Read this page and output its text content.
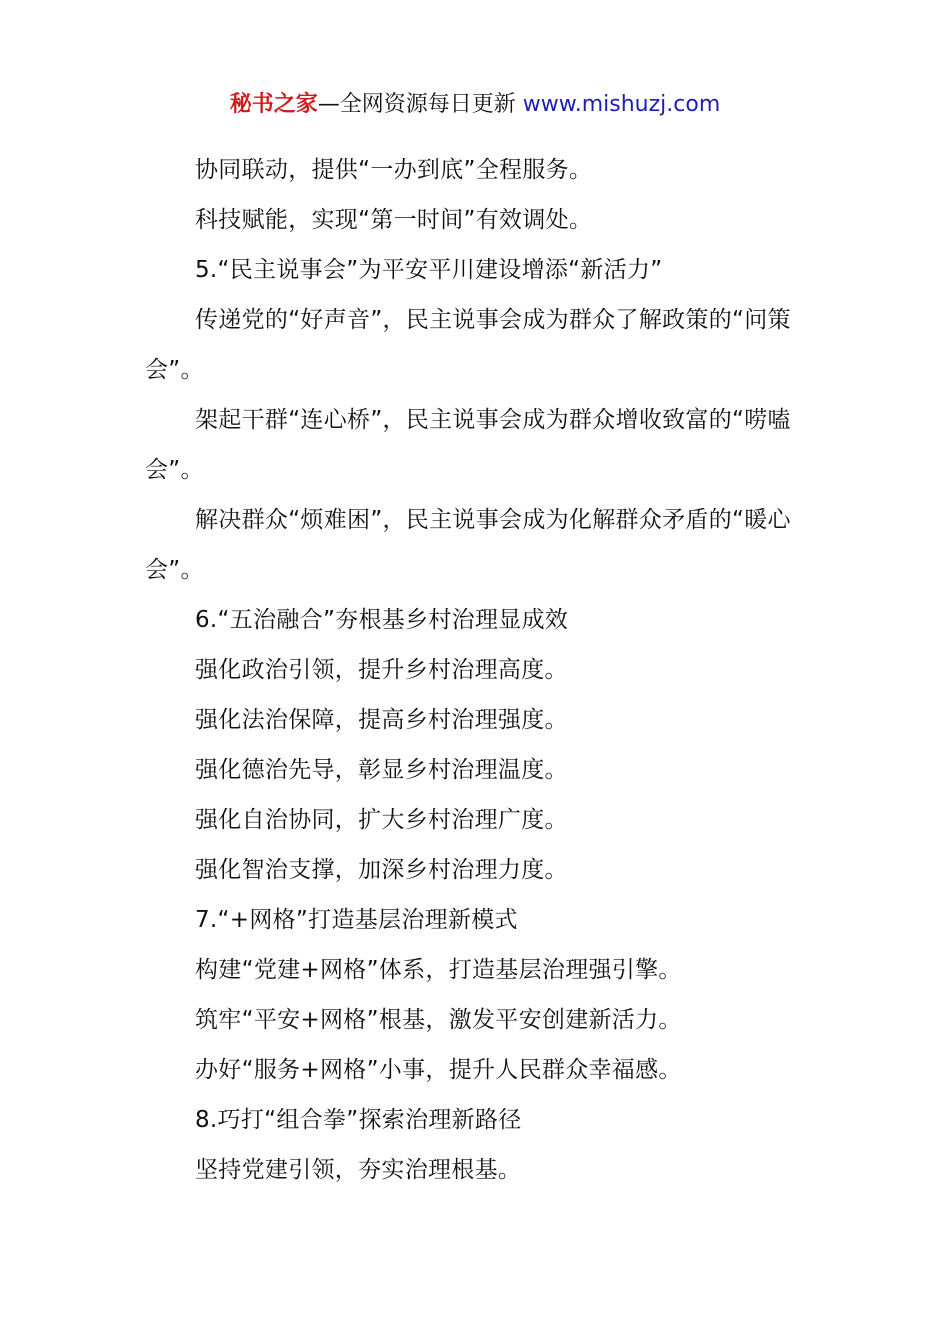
秘书之家—全网资源每日更新 www.mishuzj.com

协同联动，提供“一办到底”全程服务。

科技赋能，实现“第一时间”有效调处。

5.“民主说事会”为平安平川建设增添“新活力”

传递党的“好声音”，民主说事会成为群众了解政策的“问策会”。

架起干群“连心桥”，民主说事会成为群众增收致富的“唠嗑会”。

解决群众“烦难困”，民主说事会成为化解群众矛盾的“暖心会”。

6.“五治融合”夯根基乡村治理显成效

强化政治引领，提升乡村治理高度。

强化法治保障，提高乡村治理强度。

强化德治先导，彰显乡村治理温度。

强化自治协同，扩大乡村治理广度。

强化智治支撑，加深乡村治理力度。

7.“+网格”打造基层治理新模式

构建“党建+网格”体系，打造基层治理强引擎。

筑牢“平安+网格”根基，激发平安创建新活力。

办好“服务+网格”小事，提升人民群众幸福感。

8.巧打“组合拳”探索治理新路径

坚持党建引领，夯实治理根基。
